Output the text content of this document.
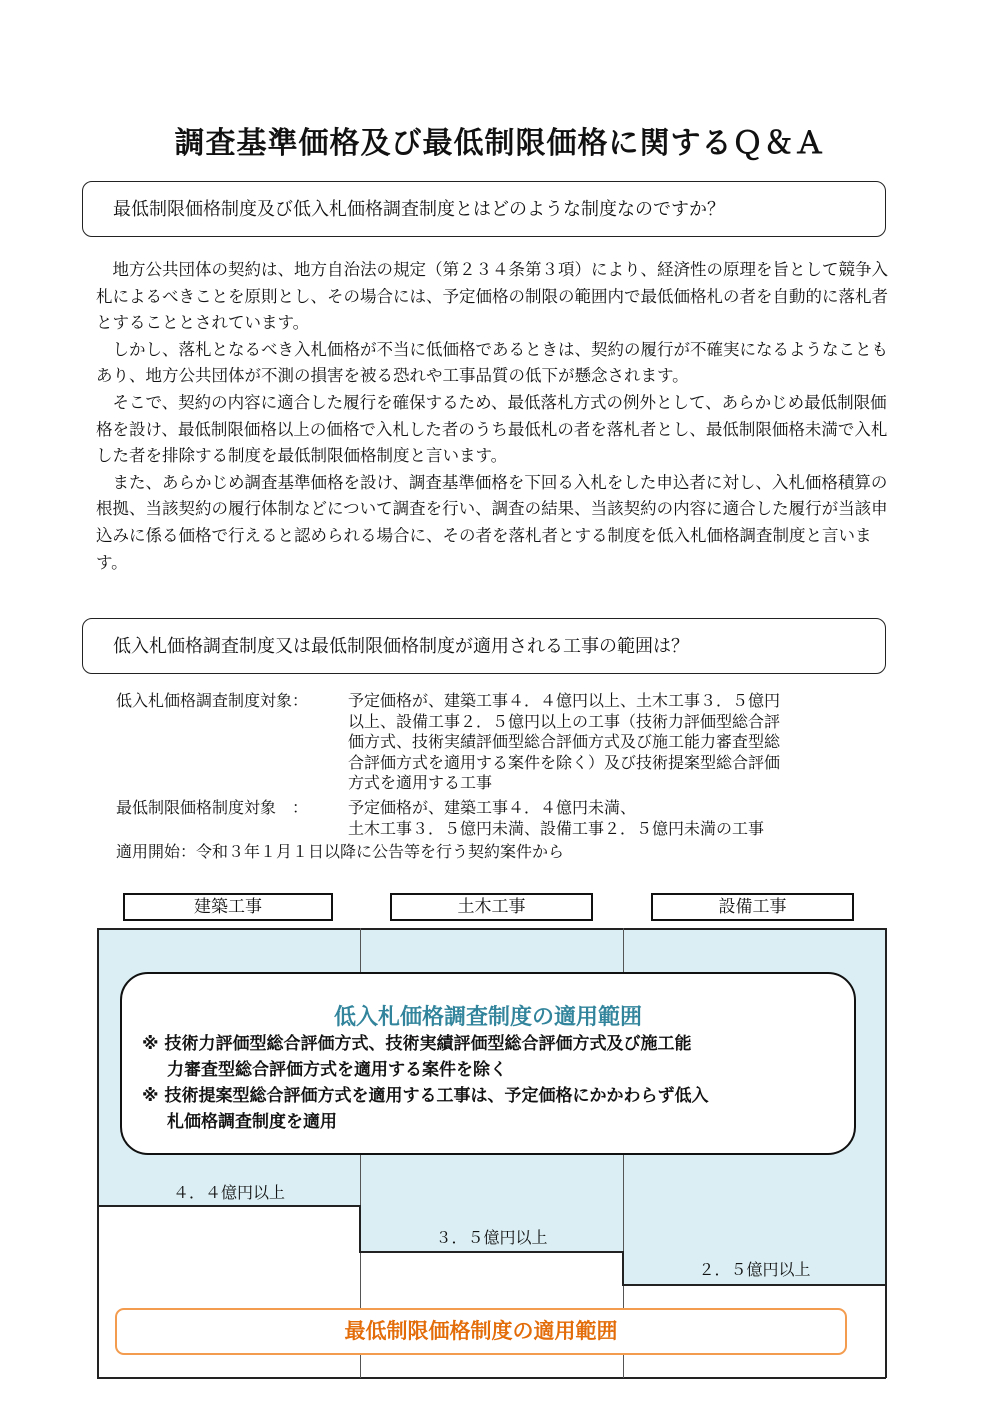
調査基準価格及び最低制限価格に関するＱ＆Ａ
最低制限価格制度及び低入札価格調査制度とはどのような制度なのですか？

地方公共団体の契約は、地方自治法の規定（第２３４条第３項）により、経済性の原理を旨として競争入札によるべきことを原則とし、その場合には、予定価格の制限の範囲内で最低価格札の者を自動的に落札者とすることとされています。

しかし、落札となるべき入札価格が不当に低価格であるときは、契約の履行が不確実になるようなこともあり、地方公共団体が不測の損害を被る恐れや工事品質の低下が懸念されます。

そこで、契約の内容に適合した履行を確保するため、最低落札方式の例外として、あらかじめ最低制限価格を設け、最低制限価格以上の価格で入札した者のうち最低札の者を落札者とし、最低制限価格未満で入札した者を排除する制度を最低制限価格制度と言います。

また、あらかじめ調査基準価格を設け、調査基準価格を下回る入札をした申込者に対し、入札価格積算の根拠、当該契約の履行体制などについて調査を行い、調査の結果、当該契約の内容に適合した履行が当該申込みに係る価格で行えると認められる場合に、その者を落札者とする制度を低入札価格調査制度と言います。

低入札価格調査制度又は最低制限価格制度が適用される工事の範囲は？
低入札価格調査制度対象： 予定価格が、建築工事４．４億円以上、土木工事３．５億円
以上、設備工事２．５億円以上の工事（技術力評価型総合評
価方式、技術実績評価型総合評価方式及び施工能力審査型総
合評価方式を適用する案件を除く）及び技術提案型総合評価
方式を適用する工事
最低制限価格制度対象　： 予定価格が、建築工事４．４億円未満、
土木工事３．５億円未満、設備工事２．５億円未満の工事
適用開始：令和３年１月１日以降に公告等を行う契約案件から
建築工事	土木工事	設備工事
４．４億円以上
３．５億円以上
２．５億円以上
低入札価格調査制度の適用範囲
※ 技術力評価型総合評価方式、技術実績評価型総合評価方式及び施工能
力審査型総合評価方式を適用する案件を除く
※ 技術提案型総合評価方式を適用する工事は、予定価格にかかわらず低入
札価格調査制度を適用
最低制限価格制度の適用範囲
